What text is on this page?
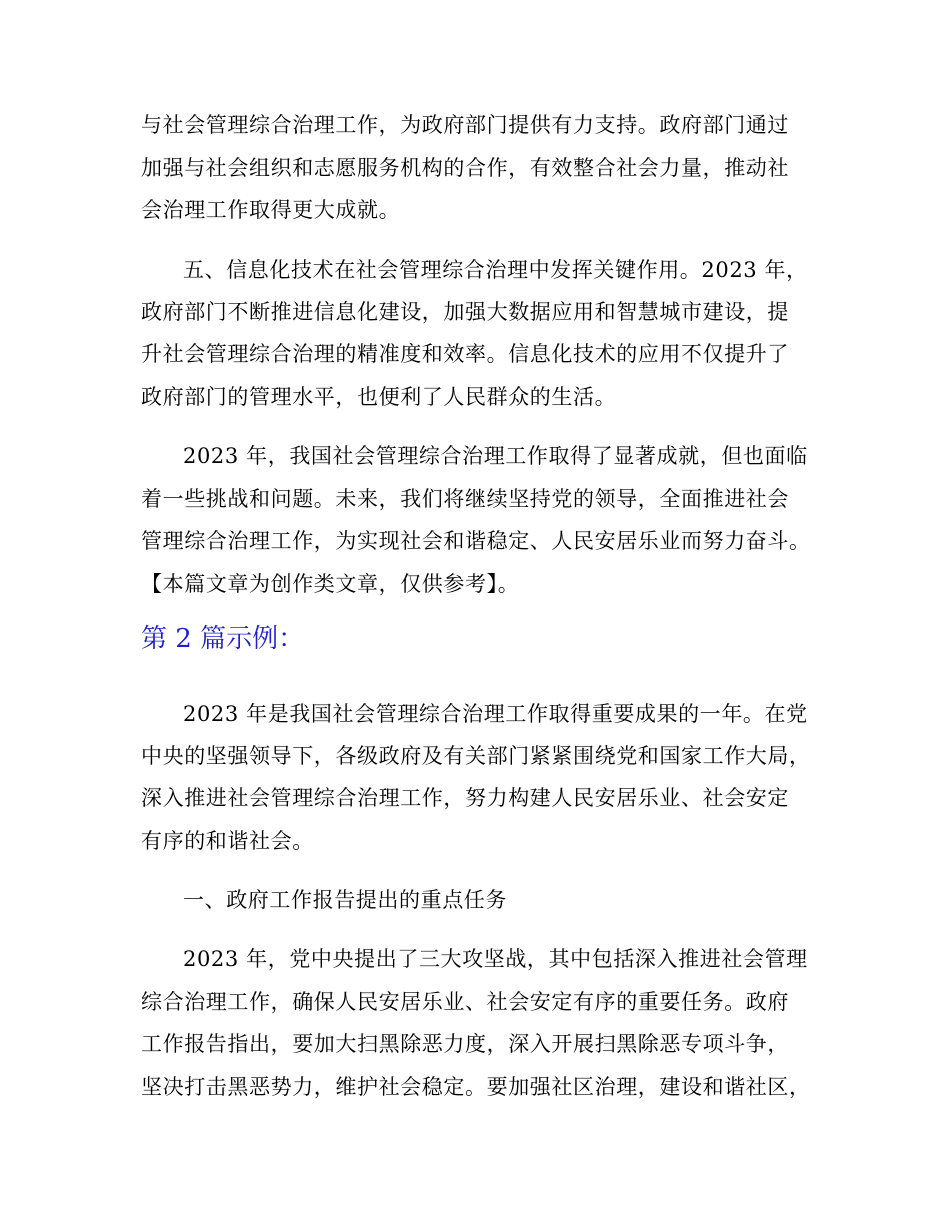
与社会管理综合治理工作，为政府部门提供有力支持。政府部门通过
加强与社会组织和志愿服务机构的合作，有效整合社会力量，推动社
会治理工作取得更大成就。
五、信息化技术在社会管理综合治理中发挥关键作用。2023 年，
政府部门不断推进信息化建设，加强大数据应用和智慧城市建设，提
升社会管理综合治理的精准度和效率。信息化技术的应用不仅提升了
政府部门的管理水平，也便利了人民群众的生活。
2023 年，我国社会管理综合治理工作取得了显著成就，但也面临
着一些挑战和问题。未来，我们将继续坚持党的领导，全面推进社会
管理综合治理工作，为实现社会和谐稳定、人民安居乐业而努力奋斗。
【本篇文章为创作类文章，仅供参考】。
第 2 篇示例：
2023 年是我国社会管理综合治理工作取得重要成果的一年。在党
中央的坚强领导下，各级政府及有关部门紧紧围绕党和国家工作大局，
深入推进社会管理综合治理工作，努力构建人民安居乐业、社会安定
有序的和谐社会。
一、政府工作报告提出的重点任务
2023 年，党中央提出了三大攻坚战，其中包括深入推进社会管理
综合治理工作，确保人民安居乐业、社会安定有序的重要任务。政府
工作报告指出，要加大扫黑除恶力度，深入开展扫黑除恶专项斗争，
坚决打击黑恶势力，维护社会稳定。要加强社区治理，建设和谐社区，
